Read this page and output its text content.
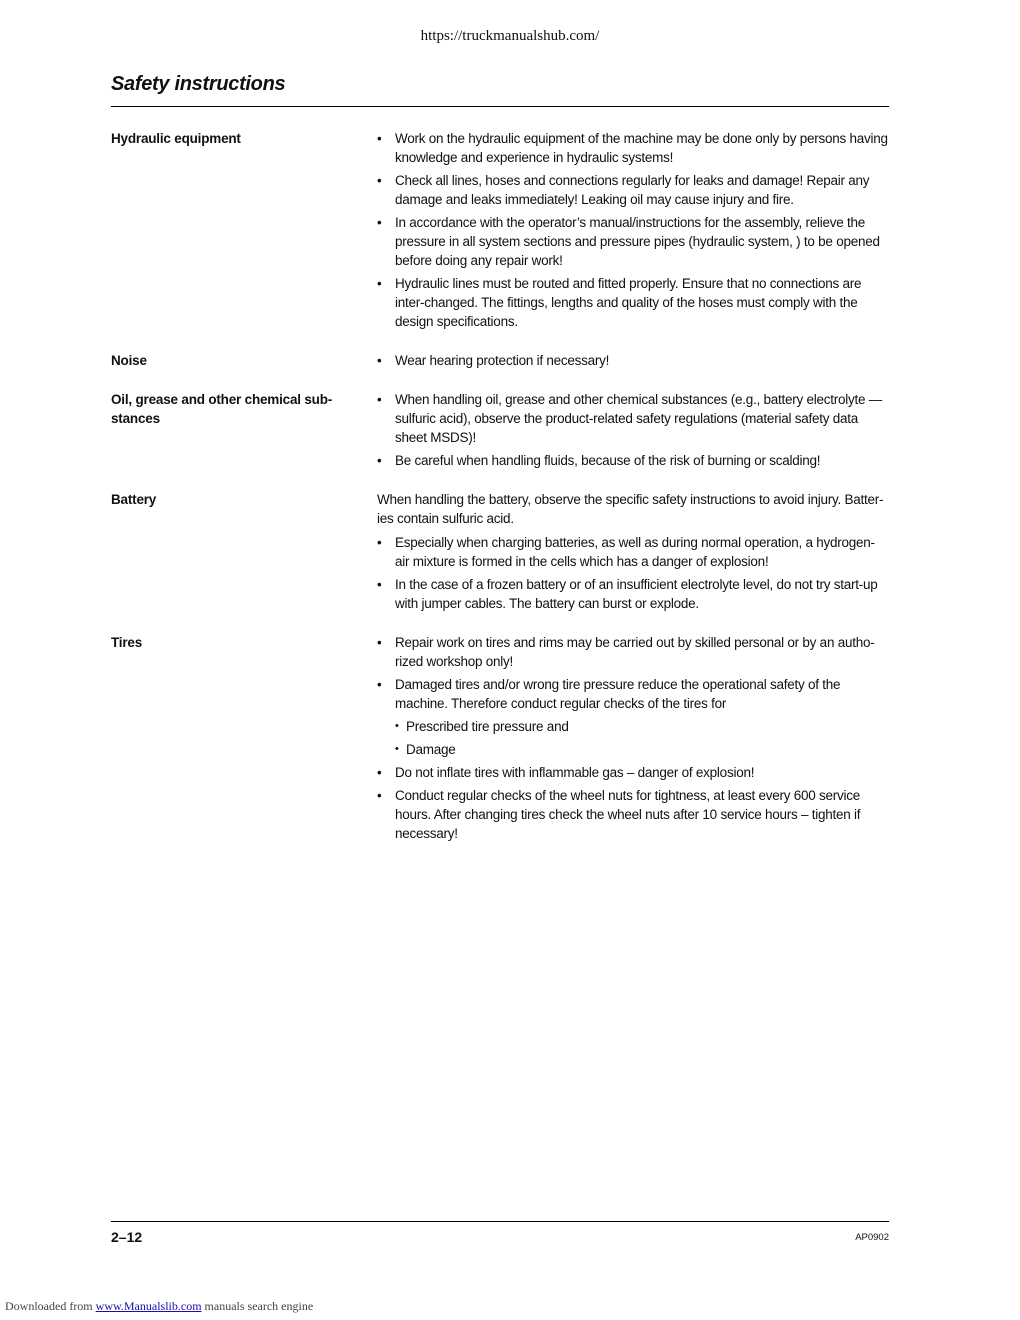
https://truckmanualshub.com/
Safety instructions
Hydraulic equipment	•	Work on the hydraulic equipment of the machine may be done only by persons having knowledge and experience in hydraulic systems!
•	Check all lines, hoses and connections regularly for leaks and damage! Repair any damage and leaks immediately! Leaking oil may cause injury and fire.
•	In accordance with the operator’s manual/instructions for the assembly, relieve the pressure in all system sections and pressure pipes (hydraulic system, ) to be opened before doing any repair work!
•	Hydraulic lines must be routed and fitted properly. Ensure that no connections are inter-changed. The fittings, lengths and quality of the hoses must comply with the design specifications.
Noise	•	Wear hearing protection if necessary!
Oil, grease and other chemical sub-stances
•	When handling oil, grease and other chemical substances (e.g., battery electrolyte — sulfuric acid), observe the product-related safety regulations (material safety data sheet MSDS)!
•	Be careful when handling fluids, because of the risk of burning or scalding!
Battery	When handling the battery, observe the specific safety instructions to avoid injury. Batter-ies contain sulfuric acid.

•	Especially when charging batteries, as well as during normal operation, a hydrogen-air mixture is formed in the cells which has a danger of explosion!
•	In the case of a frozen battery or of an insufficient electrolyte level, do not try start-up with jumper cables. The battery can burst or explode.
Tires	•	Repair work on tires and rims may be carried out by skilled personal or by an autho-rized workshop only!
•	Damaged tires and/or wrong tire pressure reduce the operational safety of the machine. Therefore conduct regular checks of the tires for
• Prescribed tire pressure and
• Damage
•	Do not inflate tires with inflammable gas – danger of explosion!
•	Conduct regular checks of the wheel nuts for tightness, at least every 600 service hours. After changing tires check the wheel nuts after 10 service hours – tighten if necessary!
2–12	AP0902
Downloaded from www.Manualslib.com manuals search engine
